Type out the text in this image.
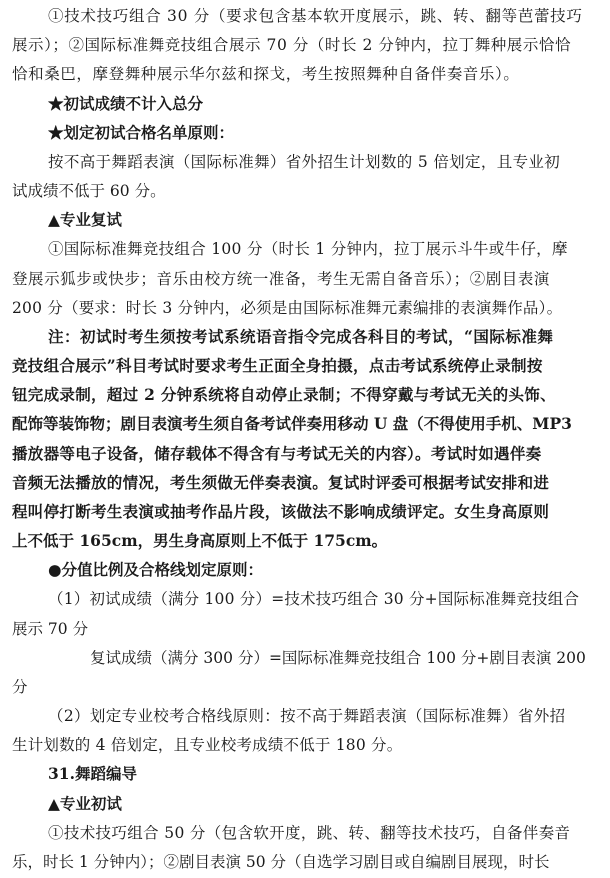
①技术技巧组合 30 分（要求包含基本软开度展示，跳、转、翻等芭蕾技巧
展示）；②国际标准舞竞技组合展示 70 分（时长 2 分钟内，拉丁舞种展示恰恰
恰和桑巴，摩登舞种展示华尔兹和探戈，考生按照舞种自备伴奏音乐）。
★初试成绩不计入总分
★划定初试合格名单原则：
按不高于舞蹈表演（国际标准舞）省外招生计划数的 5 倍划定，且专业初
试成绩不低于 60 分。
▲专业复试
①国际标准舞竞技组合 100 分（时长 1 分钟内，拉丁展示斗牛或牛仔，摩
登展示狐步或快步；音乐由校方统一准备，考生无需自备音乐）；②剧目表演
200 分（要求：时长 3 分钟内，必须是由国际标准舞元素编排的表演舞作品）。
注：初试时考生须按考试系统语音指令完成各科目的考试，“国际标准舞
竞技组合展示”科目考试时要求考生正面全身拍摄，点击考试系统停止录制按
钮完成录制，超过 2 分钟系统将自动停止录制；不得穿戴与考试无关的头饰、
配饰等装饰物；剧目表演考生须自备考试伴奏用移动 U 盘（不得使用手机、MP3
播放器等电子设备，储存载体不得含有与考试无关的内容）。考试时如遇伴奏
音频无法播放的情况，考生须做无伴奏表演。复试时评委可根据考试安排和进
程叫停打断考生表演或抽考作品片段，该做法不影响成绩评定。女生身高原则
上不低于 165cm，男生身高原则上不低于 175cm。
●分值比例及合格线划定原则：
（1）初试成绩（满分 100 分）=技术技巧组合 30 分+国际标准舞竞技组合
展示 70 分
复试成绩（满分 300 分）=国际标准舞竞技组合 100 分+剧目表演 200
分
（2）划定专业校考合格线原则：按不高于舞蹈表演（国际标准舞）省外招
生计划数的 4 倍划定，且专业校考成绩不低于 180 分。
31.舞蹈编导
▲专业初试
①技术技巧组合 50 分（包含软开度，跳、转、翻等技术技巧，自备伴奏音
乐，时长 1 分钟内）；②剧目表演 50 分（自选学习剧目或自编剧目展现，时长
